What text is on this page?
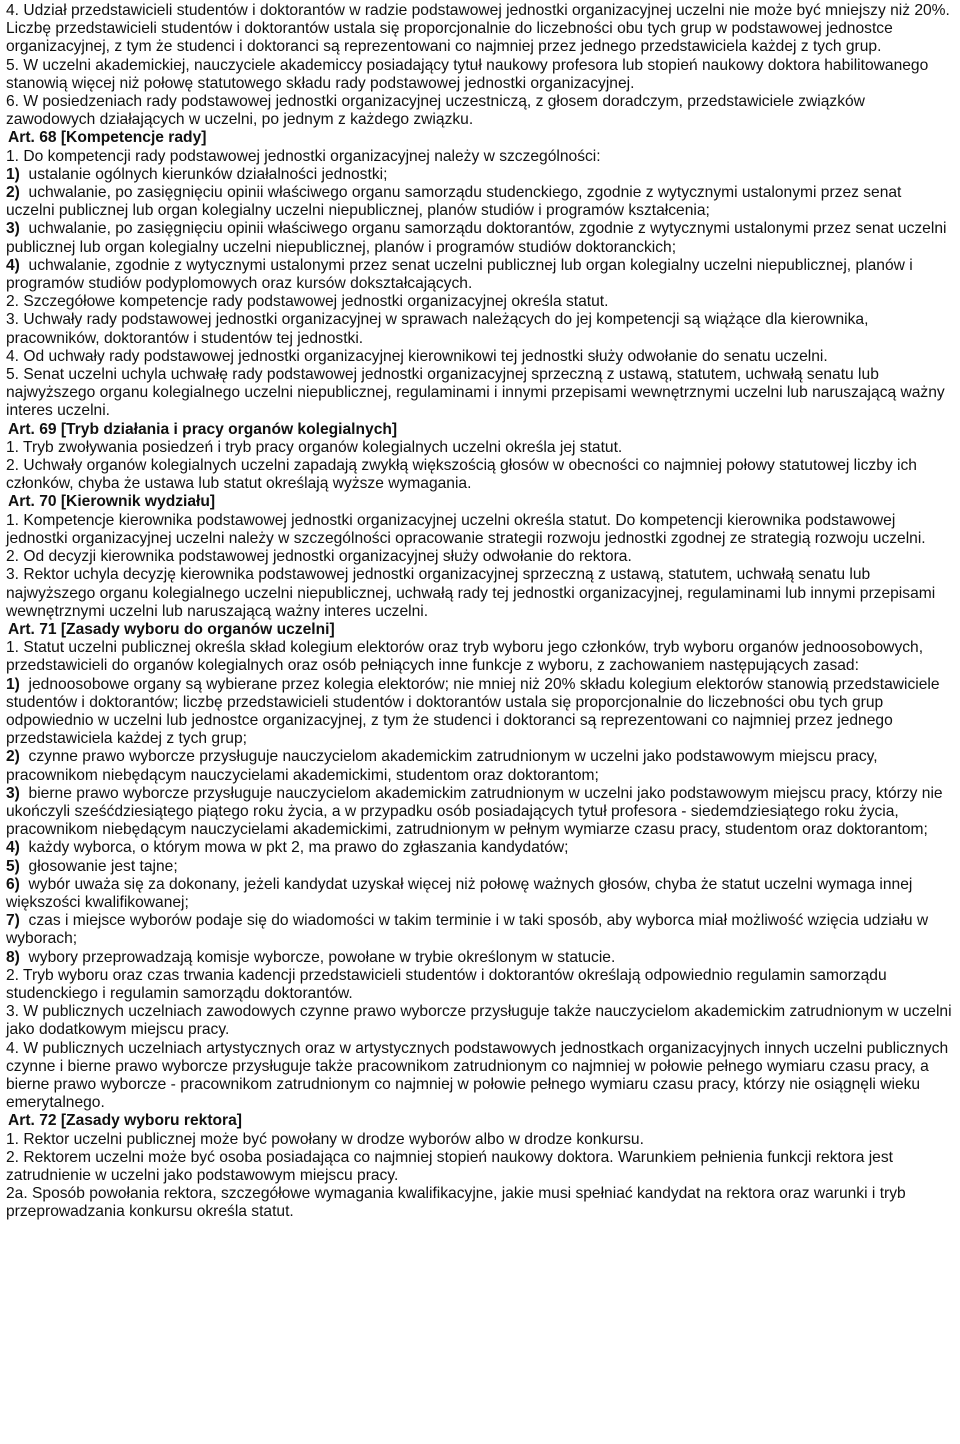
4. Udział przedstawicieli studentów i doktorantów w radzie podstawowej jednostki organizacyjnej uczelni nie może być mniejszy niż 20%. Liczbę przedstawicieli studentów i doktorantów ustala się proporcjonalnie do liczebności obu tych grup w podstawowej jednostce organizacyjnej, z tym że studenci i doktoranci są reprezentowani co najmniej przez jednego przedstawiciela każdej z tych grup.

5. W uczelni akademickiej, nauczyciele akademiccy posiadający tytuł naukowy profesora lub stopień naukowy doktora habilitowanego stanowią więcej niż połowę statutowego składu rady podstawowej jednostki organizacyjnej.

6. W posiedzeniach rady podstawowej jednostki organizacyjnej uczestniczą, z głosem doradczym, przedstawiciele związków zawodowych działających w uczelni, po jednym z każdego związku.

Art. 68 [Kompetencje rady]

1. Do kompetencji rady podstawowej jednostki organizacyjnej należy w szczególności:

1) ustalanie ogólnych kierunków działalności jednostki;

2) uchwalanie, po zasięgnięciu opinii właściwego organu samorządu studenckiego, zgodnie z wytycznymi ustalonymi przez senat uczelni publicznej lub organ kolegialny uczelni niepublicznej, planów studiów i programów kształcenia;

3) uchwalanie, po zasięgnięciu opinii właściwego organu samorządu doktorantów, zgodnie z wytycznymi ustalonymi przez senat uczelni publicznej lub organ kolegialny uczelni niepublicznej, planów i programów studiów doktoranckich;

4) uchwalanie, zgodnie z wytycznymi ustalonymi przez senat uczelni publicznej lub organ kolegialny uczelni niepublicznej, planów i programów studiów podyplomowych oraz kursów dokształcających.

2. Szczegółowe kompetencje rady podstawowej jednostki organizacyjnej określa statut.

3. Uchwały rady podstawowej jednostki organizacyjnej w sprawach należących do jej kompetencji są wiążące dla kierownika, pracowników, doktorantów i studentów tej jednostki.

4. Od uchwały rady podstawowej jednostki organizacyjnej kierownikowi tej jednostki służy odwołanie do senatu uczelni.

5. Senat uczelni uchyla uchwałę rady podstawowej jednostki organizacyjnej sprzeczną z ustawą, statutem, uchwałą senatu lub najwyższego organu kolegialnego uczelni niepublicznej, regulaminami i innymi przepisami wewnętrznymi uczelni lub naruszającą ważny interes uczelni.

Art. 69 [Tryb działania i pracy organów kolegialnych]

1. Tryb zwoływania posiedzeń i tryb pracy organów kolegialnych uczelni określa jej statut.

2. Uchwały organów kolegialnych uczelni zapadają zwykłą większością głosów w obecności co najmniej połowy statutowej liczby ich członków, chyba że ustawa lub statut określają wyższe wymagania.

Art. 70 [Kierownik wydziału]

1. Kompetencje kierownika podstawowej jednostki organizacyjnej uczelni określa statut. Do kompetencji kierownika podstawowej jednostki organizacyjnej uczelni należy w szczególności opracowanie strategii rozwoju jednostki zgodnej ze strategią rozwoju uczelni.

2. Od decyzji kierownika podstawowej jednostki organizacyjnej służy odwołanie do rektora.

3. Rektor uchyla decyzję kierownika podstawowej jednostki organizacyjnej sprzeczną z ustawą, statutem, uchwałą senatu lub najwyższego organu kolegialnego uczelni niepublicznej, uchwałą rady tej jednostki organizacyjnej, regulaminami lub innymi przepisami wewnętrznymi uczelni lub naruszającą ważny interes uczelni.

Art. 71 [Zasady wyboru do organów uczelni]

1. Statut uczelni publicznej określa skład kolegium elektorów oraz tryb wyboru jego członków, tryb wyboru organów jednoosobowych, przedstawicieli do organów kolegialnych oraz osób pełniących inne funkcje z wyboru, z zachowaniem następujących zasad:

1) jednoosobowe organy są wybierane przez kolegia elektorów; nie mniej niż 20% składu kolegium elektorów stanowią przedstawiciele studentów i doktorantów; liczbę przedstawicieli studentów i doktorantów ustala się proporcjonalnie do liczebności obu tych grup odpowiednio w uczelni lub jednostce organizacyjnej, z tym że studenci i doktoranci są reprezentowani co najmniej przez jednego przedstawiciela każdej z tych grup;

2) czynne prawo wyborcze przysługuje nauczycielom akademickim zatrudnionym w uczelni jako podstawowym miejscu pracy, pracownikom niebędącym nauczycielami akademickimi, studentom oraz doktorantom;

3) bierne prawo wyborcze przysługuje nauczycielom akademickim zatrudnionym w uczelni jako podstawowym miejscu pracy, którzy nie ukończyli sześćdziesiątego piątego roku życia, a w przypadku osób posiadających tytuł profesora - siedemdziesiątego roku życia, pracownikom niebędącym nauczycielami akademickimi, zatrudnionym w pełnym wymiarze czasu pracy, studentom oraz doktorantom;

4) każdy wyborca, o którym mowa w pkt 2, ma prawo do zgłaszania kandydatów;

5) głosowanie jest tajne;

6) wybór uważa się za dokonany, jeżeli kandydat uzyskał więcej niż połowę ważnych głosów, chyba że statut uczelni wymaga innej większości kwalifikowanej;

7) czas i miejsce wyborów podaje się do wiadomości w takim terminie i w taki sposób, aby wyborca miał możliwość wzięcia udziału w wyborach;

8) wybory przeprowadzają komisje wyborcze, powołane w trybie określonym w statucie.

2. Tryb wyboru oraz czas trwania kadencji przedstawicieli studentów i doktorantów określają odpowiednio regulamin samorządu studenckiego i regulamin samorządu doktorantów.

3. W publicznych uczelniach zawodowych czynne prawo wyborcze przysługuje także nauczycielom akademickim zatrudnionym w uczelni jako dodatkowym miejscu pracy.

4. W publicznych uczelniach artystycznych oraz w artystycznych podstawowych jednostkach organizacyjnych innych uczelni publicznych czynne i bierne prawo wyborcze przysługuje także pracownikom zatrudnionym co najmniej w połowie pełnego wymiaru czasu pracy, a bierne prawo wyborcze - pracownikom zatrudnionym co najmniej w połowie pełnego wymiaru czasu pracy, którzy nie osiągnęli wieku emerytalnego.

Art. 72 [Zasady wyboru rektora]

1. Rektor uczelni publicznej może być powołany w drodze wyborów albo w drodze konkursu.

2. Rektorem uczelni może być osoba posiadająca co najmniej stopień naukowy doktora. Warunkiem pełnienia funkcji rektora jest zatrudnienie w uczelni jako podstawowym miejscu pracy.

2a. Sposób powołania rektora, szczegółowe wymagania kwalifikacyjne, jakie musi spełniać kandydat na rektora oraz warunki i tryb przeprowadzania konkursu określa statut.
